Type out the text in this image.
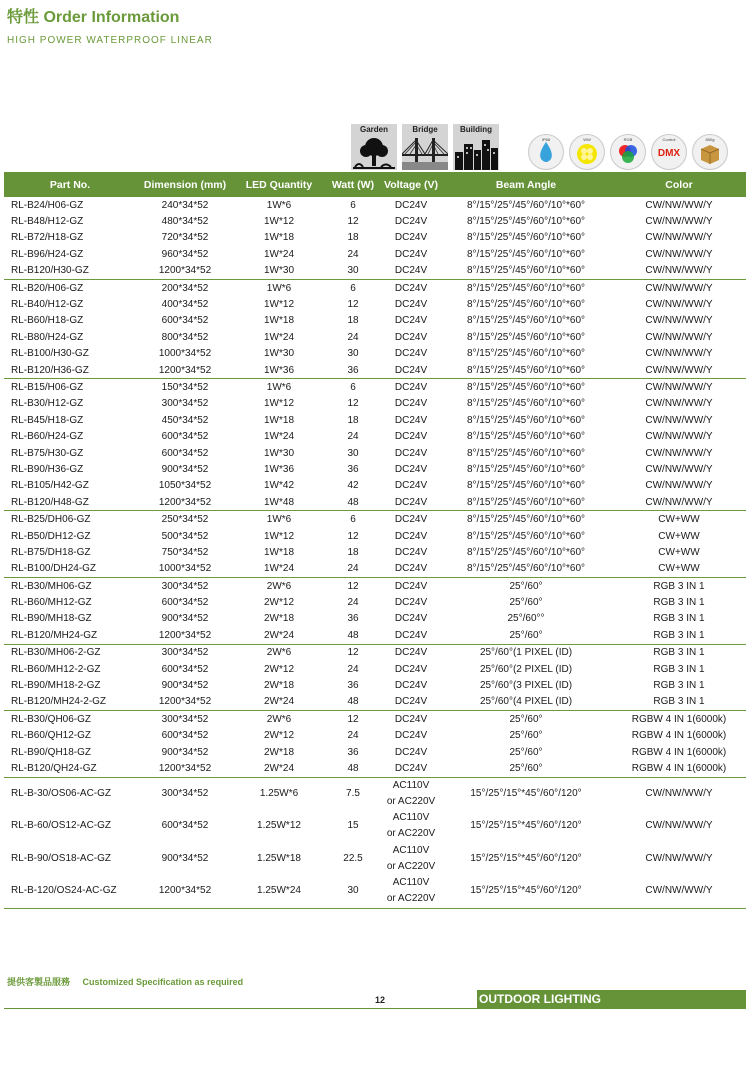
特性 Order Information
HIGH POWER WATERPROOF LINEAR
Garden	Bridge	Building
IP68	WW	RGB
DMX
Control	850g
Part No.	Dimension (mm)	LED Quantity	Watt (W)	Voltage (V)	Beam Angle	Color
RL-B24/H06-GZ	240*34*52	1W*6	6	DC24V	8°/15°/25°/45°/60°/10°*60°	CW/NW/WW/Y
RL-B48/H12-GZ	480*34*52	1W*12	12	DC24V	8°/15°/25°/45°/60°/10°*60°	CW/NW/WW/Y
RL-B72/H18-GZ	720*34*52	1W*18	18	DC24V	8°/15°/25°/45°/60°/10°*60°	CW/NW/WW/Y
RL-B96/H24-GZ	960*34*52	1W*24	24	DC24V	8°/15°/25°/45°/60°/10°*60°	CW/NW/WW/Y
RL-B120/H30-GZ	1200*34*52	1W*30	30	DC24V	8°/15°/25°/45°/60°/10°*60°	CW/NW/WW/Y
RL-B20/H06-GZ	200*34*52	1W*6	6	DC24V	8°/15°/25°/45°/60°/10°*60°	CW/NW/WW/Y
RL-B40/H12-GZ	400*34*52	1W*12	12	DC24V	8°/15°/25°/45°/60°/10°*60°	CW/NW/WW/Y
RL-B60/H18-GZ	600*34*52	1W*18	18	DC24V	8°/15°/25°/45°/60°/10°*60°	CW/NW/WW/Y
RL-B80/H24-GZ	800*34*52	1W*24	24	DC24V	8°/15°/25°/45°/60°/10°*60°	CW/NW/WW/Y
RL-B100/H30-GZ	1000*34*52	1W*30	30	DC24V	8°/15°/25°/45°/60°/10°*60°	CW/NW/WW/Y
RL-B120/H36-GZ	1200*34*52	1W*36	36	DC24V	8°/15°/25°/45°/60°/10°*60°	CW/NW/WW/Y
RL-B15/H06-GZ	150*34*52	1W*6	6	DC24V	8°/15°/25°/45°/60°/10°*60°	CW/NW/WW/Y
RL-B30/H12-GZ	300*34*52	1W*12	12	DC24V	8°/15°/25°/45°/60°/10°*60°	CW/NW/WW/Y
RL-B45/H18-GZ	450*34*52	1W*18	18	DC24V	8°/15°/25°/45°/60°/10°*60°	CW/NW/WW/Y
RL-B60/H24-GZ	600*34*52	1W*24	24	DC24V	8°/15°/25°/45°/60°/10°*60°	CW/NW/WW/Y
RL-B75/H30-GZ	600*34*52	1W*30	30	DC24V	8°/15°/25°/45°/60°/10°*60°	CW/NW/WW/Y
RL-B90/H36-GZ	900*34*52	1W*36	36	DC24V	8°/15°/25°/45°/60°/10°*60°	CW/NW/WW/Y
RL-B105/H42-GZ	1050*34*52	1W*42	42	DC24V	8°/15°/25°/45°/60°/10°*60°	CW/NW/WW/Y
RL-B120/H48-GZ	1200*34*52	1W*48	48	DC24V	8°/15°/25°/45°/60°/10°*60°	CW/NW/WW/Y
RL-B25/DH06-GZ	250*34*52	1W*6	6	DC24V	8°/15°/25°/45°/60°/10°*60°	CW+WW
RL-B50/DH12-GZ	500*34*52	1W*12	12	DC24V	8°/15°/25°/45°/60°/10°*60°	CW+WW
RL-B75/DH18-GZ	750*34*52	1W*18	18	DC24V	8°/15°/25°/45°/60°/10°*60°	CW+WW
RL-B100/DH24-GZ	1000*34*52	1W*24	24	DC24V	8°/15°/25°/45°/60°/10°*60°	CW+WW
RL-B30/MH06-GZ	300*34*52	2W*6	12	DC24V	25°/60°	RGB 3 IN 1
RL-B60/MH12-GZ	600*34*52	2W*12	24	DC24V	25°/60°	RGB 3 IN 1
RL-B90/MH18-GZ	900*34*52	2W*18	36	DC24V	25°/60°°	RGB 3 IN 1
RL-B120/MH24-GZ	1200*34*52	2W*24	48	DC24V	25°/60°	RGB 3 IN 1
RL-B30/MH06-2-GZ	300*34*52	2W*6	12	DC24V	25°/60°(1 PIXEL (ID)	RGB 3 IN 1
RL-B60/MH12-2-GZ	600*34*52	2W*12	24	DC24V	25°/60°(2 PIXEL (ID)	RGB 3 IN 1
RL-B90/MH18-2-GZ	900*34*52	2W*18	36	DC24V	25°/60°(3 PIXEL (ID)	RGB 3 IN 1
RL-B120/MH24-2-GZ	1200*34*52	2W*24	48	DC24V	25°/60°(4 PIXEL (ID)	RGB 3 IN 1
RL-B30/QH06-GZ	300*34*52	2W*6	12	DC24V	25°/60°	RGBW 4 IN 1(6000k)
RL-B60/QH12-GZ	600*34*52	2W*12	24	DC24V	25°/60°	RGBW 4 IN 1(6000k)
RL-B90/QH18-GZ	900*34*52	2W*18	36	DC24V	25°/60°	RGBW 4 IN 1(6000k)
RL-B120/QH24-GZ	1200*34*52	2W*24	48	DC24V	25°/60°	RGBW 4 IN 1(6000k)
RL-B-30/OS06-AC-GZ	300*34*52	1.25W*6	7.5	AC110V
or AC220V	15°/25°/15°*45°/60°/120°	CW/NW/WW/Y
RL-B-60/OS12-AC-GZ	600*34*52	1.25W*12	15	AC110V
or AC220V	15°/25°/15°*45°/60°/120°	CW/NW/WW/Y
RL-B-90/OS18-AC-GZ	900*34*52	1.25W*18	22.5	AC110V
or AC220V	15°/25°/15°*45°/60°/120°	CW/NW/WW/Y
RL-B-120/OS24-AC-GZ	1200*34*52	1.25W*24	30	AC110V
or AC220V	15°/25°/15°*45°/60°/120°	CW/NW/WW/Y
提供客製品服務 Customized Specification as required
12	OUTDOOR LIGHTING
